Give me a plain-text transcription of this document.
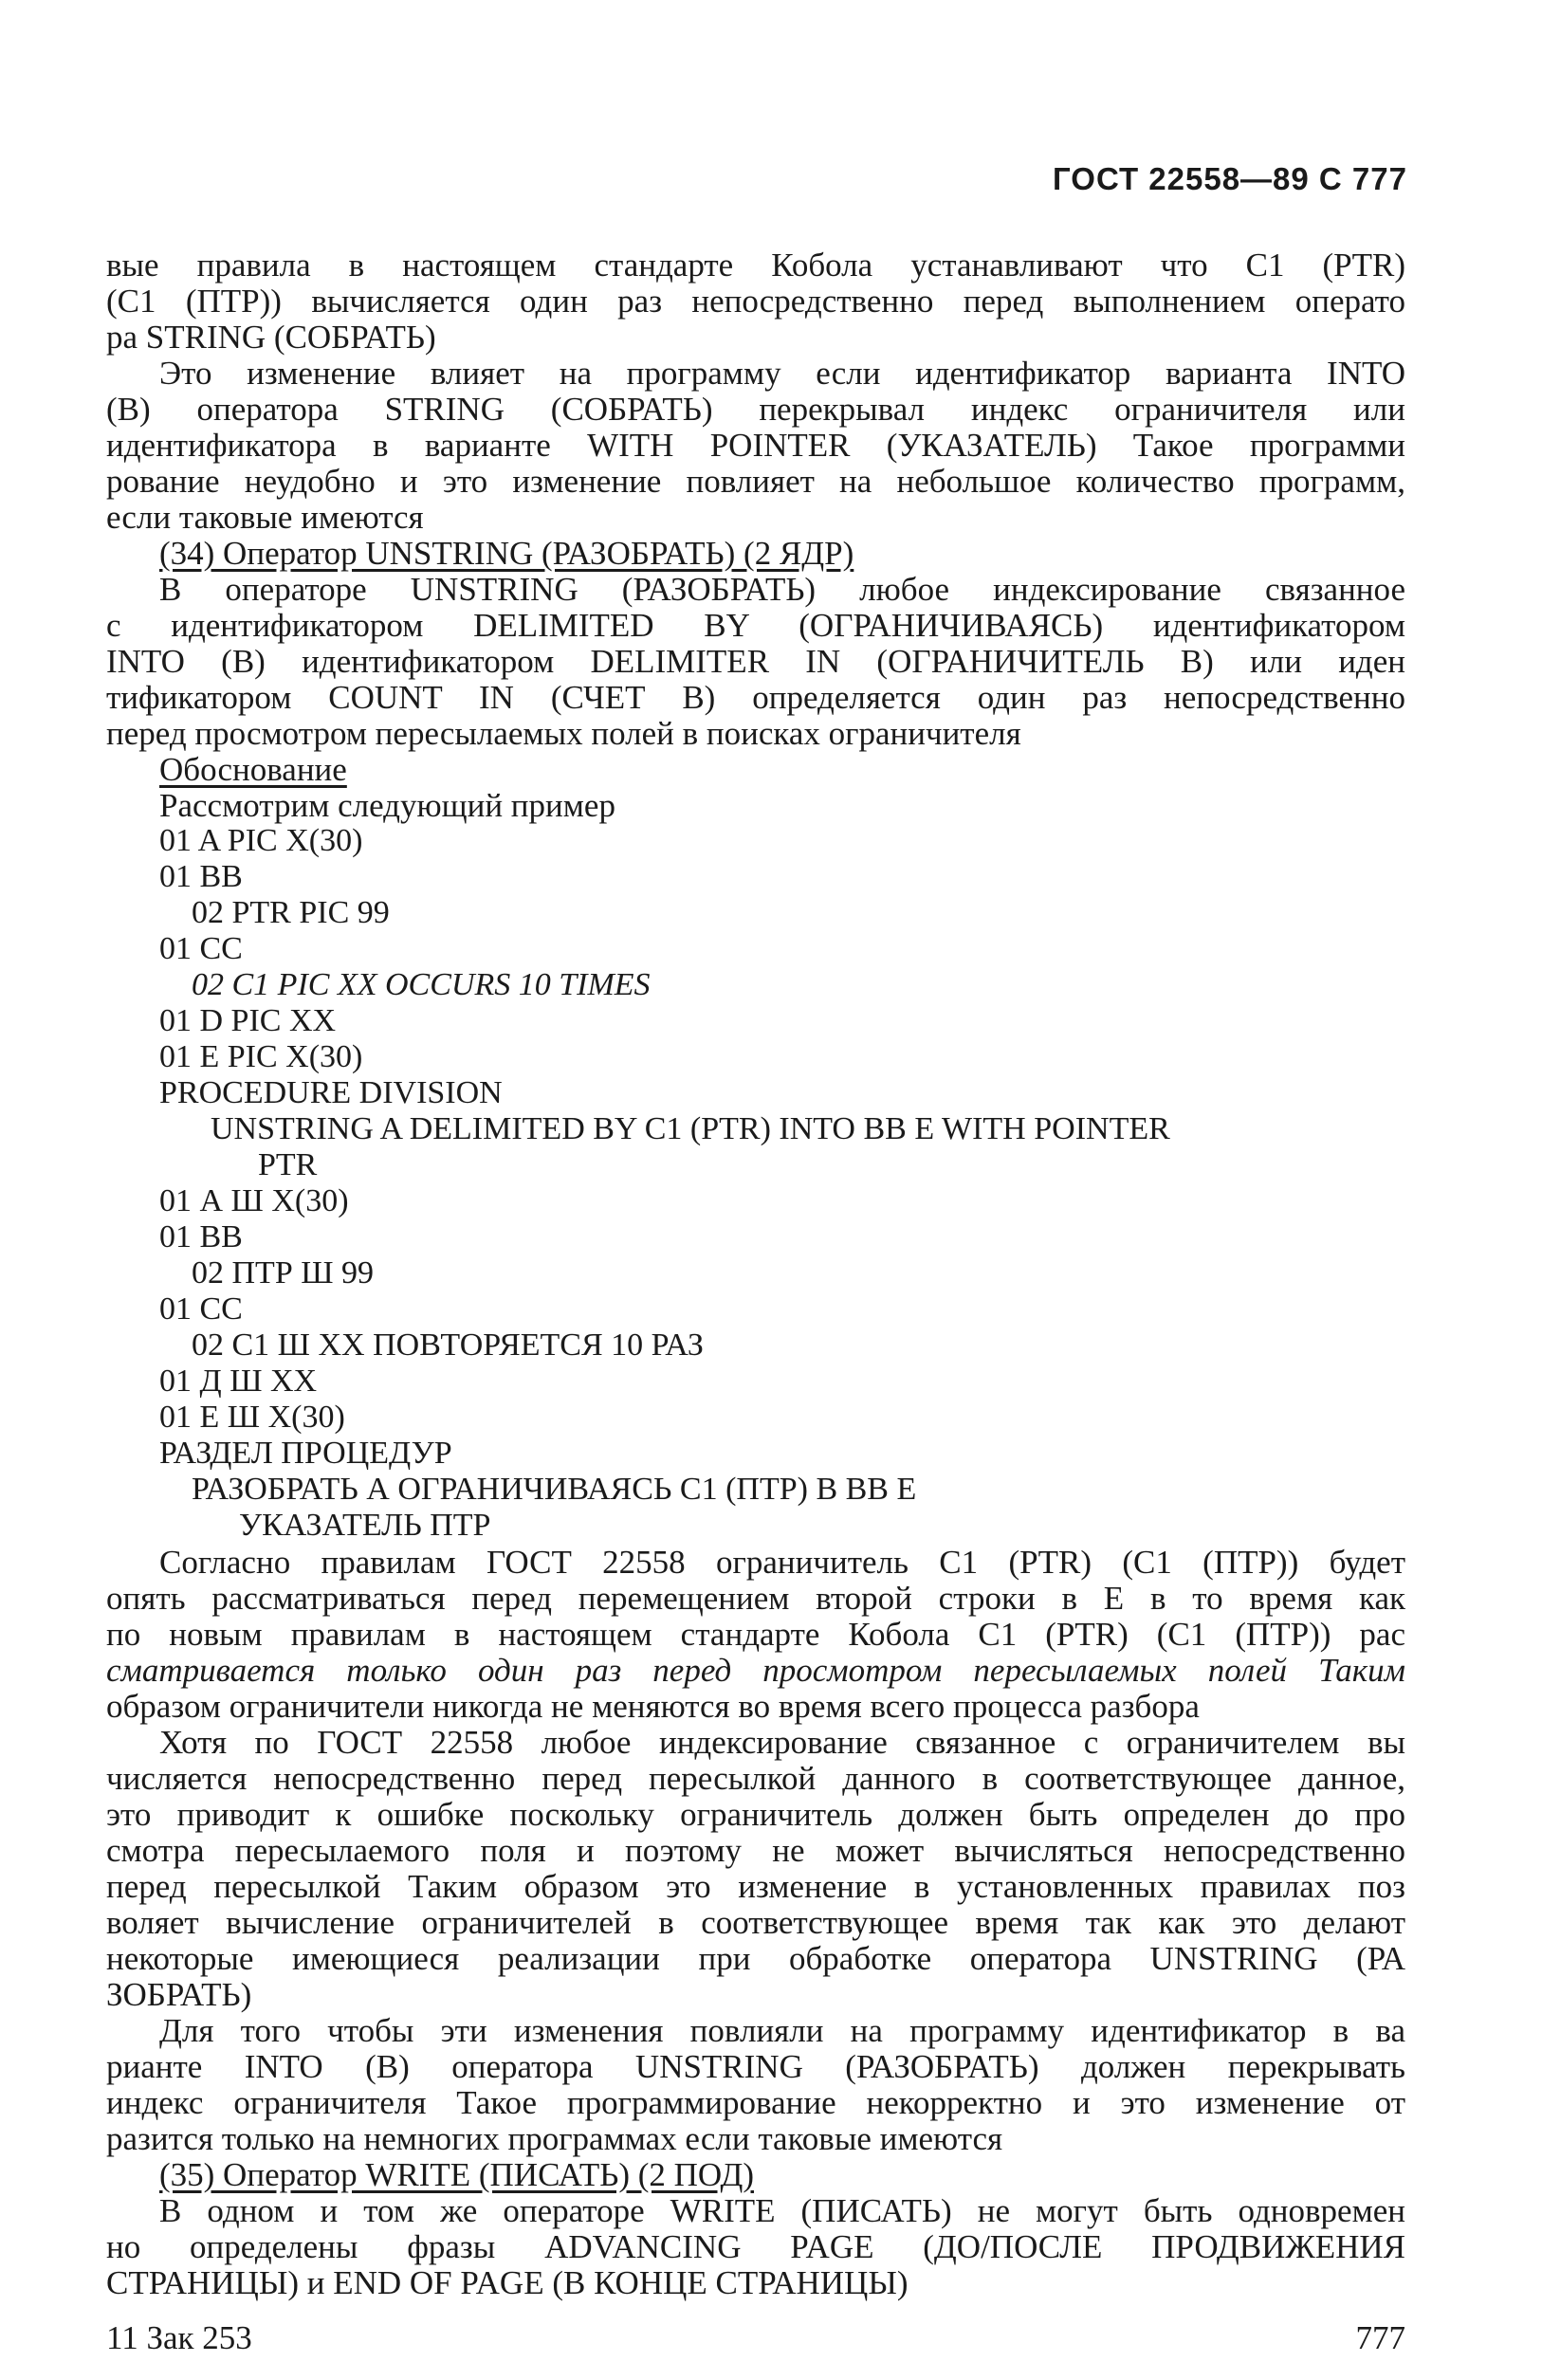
ГОСТ 22558—89 С 777
вые правила в настоящем стандарте Кобола устанавливают что C1 (PTR)
(C1 (ПТР)) вычисляется один раз непосредственно перед выполнением операто
ра STRING (СОБРАТЬ)
Это изменение влияет на программу если идентификатор варианта INTO
(B) оператора STRING (СОБРАТЬ) перекрывал индекс ограничителя или
идентификатора в варианте WITH POINTER (УКАЗАТЕЛЬ) Такое программи
рование неудобно и это изменение повлияет на небольшое количество программ,
если таковые имеются
(34) Оператор UNSTRING (РАЗОБРАТЬ) (2 ЯДР)
В операторе UNSTRING (РАЗОБРАТЬ) любое индексирование связанное
с идентификатором DELIMITED BY (ОГРАНИЧИВАЯСЬ) идентификатором
INTO (B) идентификатором DELIMITER IN (ОГРАНИЧИТЕЛЬ В) или иден
тификатором COUNT IN (СЧЕТ В) определяется один раз непосредственно
перед просмотром пересылаемых полей в поисках ограничителя
Обоснование
Рассмотрим следующий пример
01 A PIC X(30)
01 BB
02 PTR PIC 99
01 CC
02 C1 PIC XX OCCURS 10 TIMES
01 D PIC XX
01 E PIC X(30)
PROCEDURE DIVISION
UNSTRING A DELIMITED BY C1 (PTR) INTO BB E WITH POINTER
PTR
01 А Ш X(30)
01 BB
02 ПТР Ш 99
01 CC
02 C1 Ш XX ПОВТОРЯЕТСЯ 10 РАЗ
01 Д Ш XX
01 Е Ш X(30)
РАЗДЕЛ ПРОЦЕДУР
РАЗОБРАТЬ А ОГРАНИЧИВАЯСЬ C1 (ПТР) В BB E
УКАЗАТЕЛЬ ПТР
Согласно правилам ГОСТ 22558 ограничитель C1 (PTR) (C1 (ПТР)) будет
опять рассматриваться перед перемещением второй строки в E в то время как
по новым правилам в настоящем стандарте Кобола C1 (PTR) (C1 (ПТР)) рас
сматривается только один раз перед просмотром пересылаемых полей Таким
образом ограничители никогда не меняются во время всего процесса разбора
Хотя по ГОСТ 22558 любое индексирование связанное с ограничителем вы
числяется непосредственно перед пересылкой данного в соответствующее данное,
это приводит к ошибке поскольку ограничитель должен быть определен до про
смотра пересылаемого поля и поэтому не может вычисляться непосредственно
перед пересылкой Таким образом это изменение в установленных правилах поз
воляет вычисление ограничителей в соответствующее время так как это делают
некоторые имеющиеся реализации при обработке оператора UNSTRING (РА
ЗОБРАТЬ)
Для того чтобы эти изменения повлияли на программу идентификатор в ва
рианте INTO (B) оператора UNSTRING (РАЗОБРАТЬ) должен перекрывать
индекс ограничителя Такое программирование некорректно и это изменение от
разится только на немногих программах если таковые имеются
(35) Оператор WRITE (ПИСАТЬ) (2 ПОД)
В одном и том же операторе WRITE (ПИСАТЬ) не могут быть одновремен
но определены фразы ADVANCING PAGE (ДО/ПОСЛЕ ПРОДВИЖЕНИЯ
СТРАНИЦЫ) и END OF PAGE (В КОНЦЕ СТРАНИЦЫ)
11 Зак 253	777
